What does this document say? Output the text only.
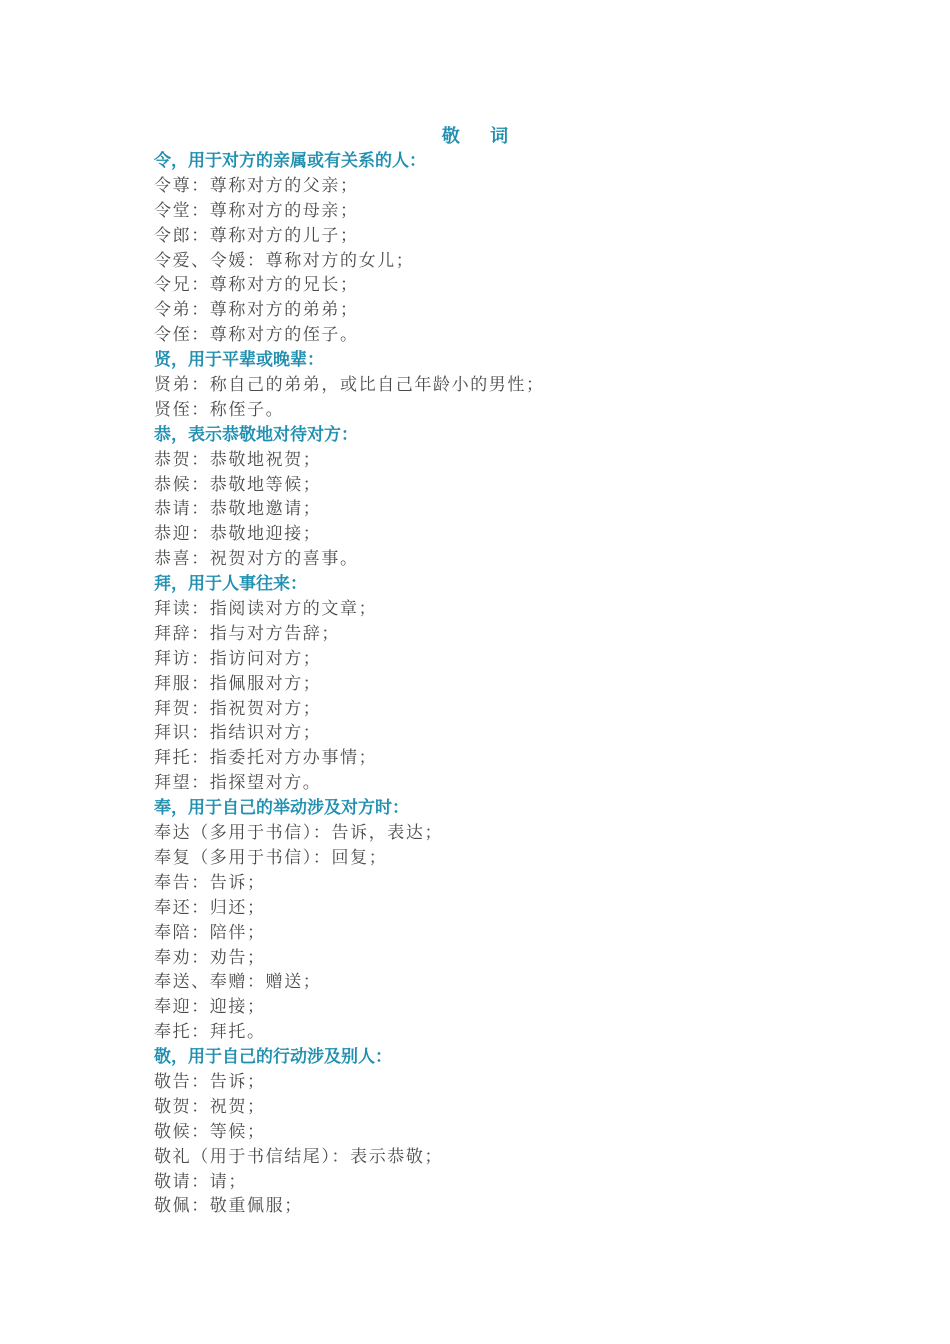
敬 词
令，用于对方的亲属或有关系的人：
令尊：尊称对方的父亲；
令堂：尊称对方的母亲；
令郎：尊称对方的儿子；
令爱、令媛：尊称对方的女儿；
令兄：尊称对方的兄长；
令弟：尊称对方的弟弟；
令侄：尊称对方的侄子。
贤，用于平辈或晚辈：
贤弟：称自己的弟弟，或比自己年龄小的男性；
贤侄：称侄子。
恭，表示恭敬地对待对方：
恭贺：恭敬地祝贺；
恭候：恭敬地等候；
恭请：恭敬地邀请；
恭迎：恭敬地迎接；
恭喜：祝贺对方的喜事。
拜，用于人事往来：
拜读：指阅读对方的文章；
拜辞：指与对方告辞；
拜访：指访问对方；
拜服：指佩服对方；
拜贺：指祝贺对方；
拜识：指结识对方；
拜托：指委托对方办事情；
拜望：指探望对方。
奉，用于自己的举动涉及对方时：
奉达（多用于书信）：告诉，表达；
奉复（多用于书信）：回复；
奉告：告诉；
奉还：归还；
奉陪：陪伴；
奉劝：劝告；
奉送、奉赠：赠送；
奉迎：迎接；
奉托：拜托。
敬，用于自己的行动涉及别人：
敬告：告诉；
敬贺：祝贺；
敬候：等候；
敬礼（用于书信结尾）：表示恭敬；
敬请：请；
敬佩：敬重佩服；
